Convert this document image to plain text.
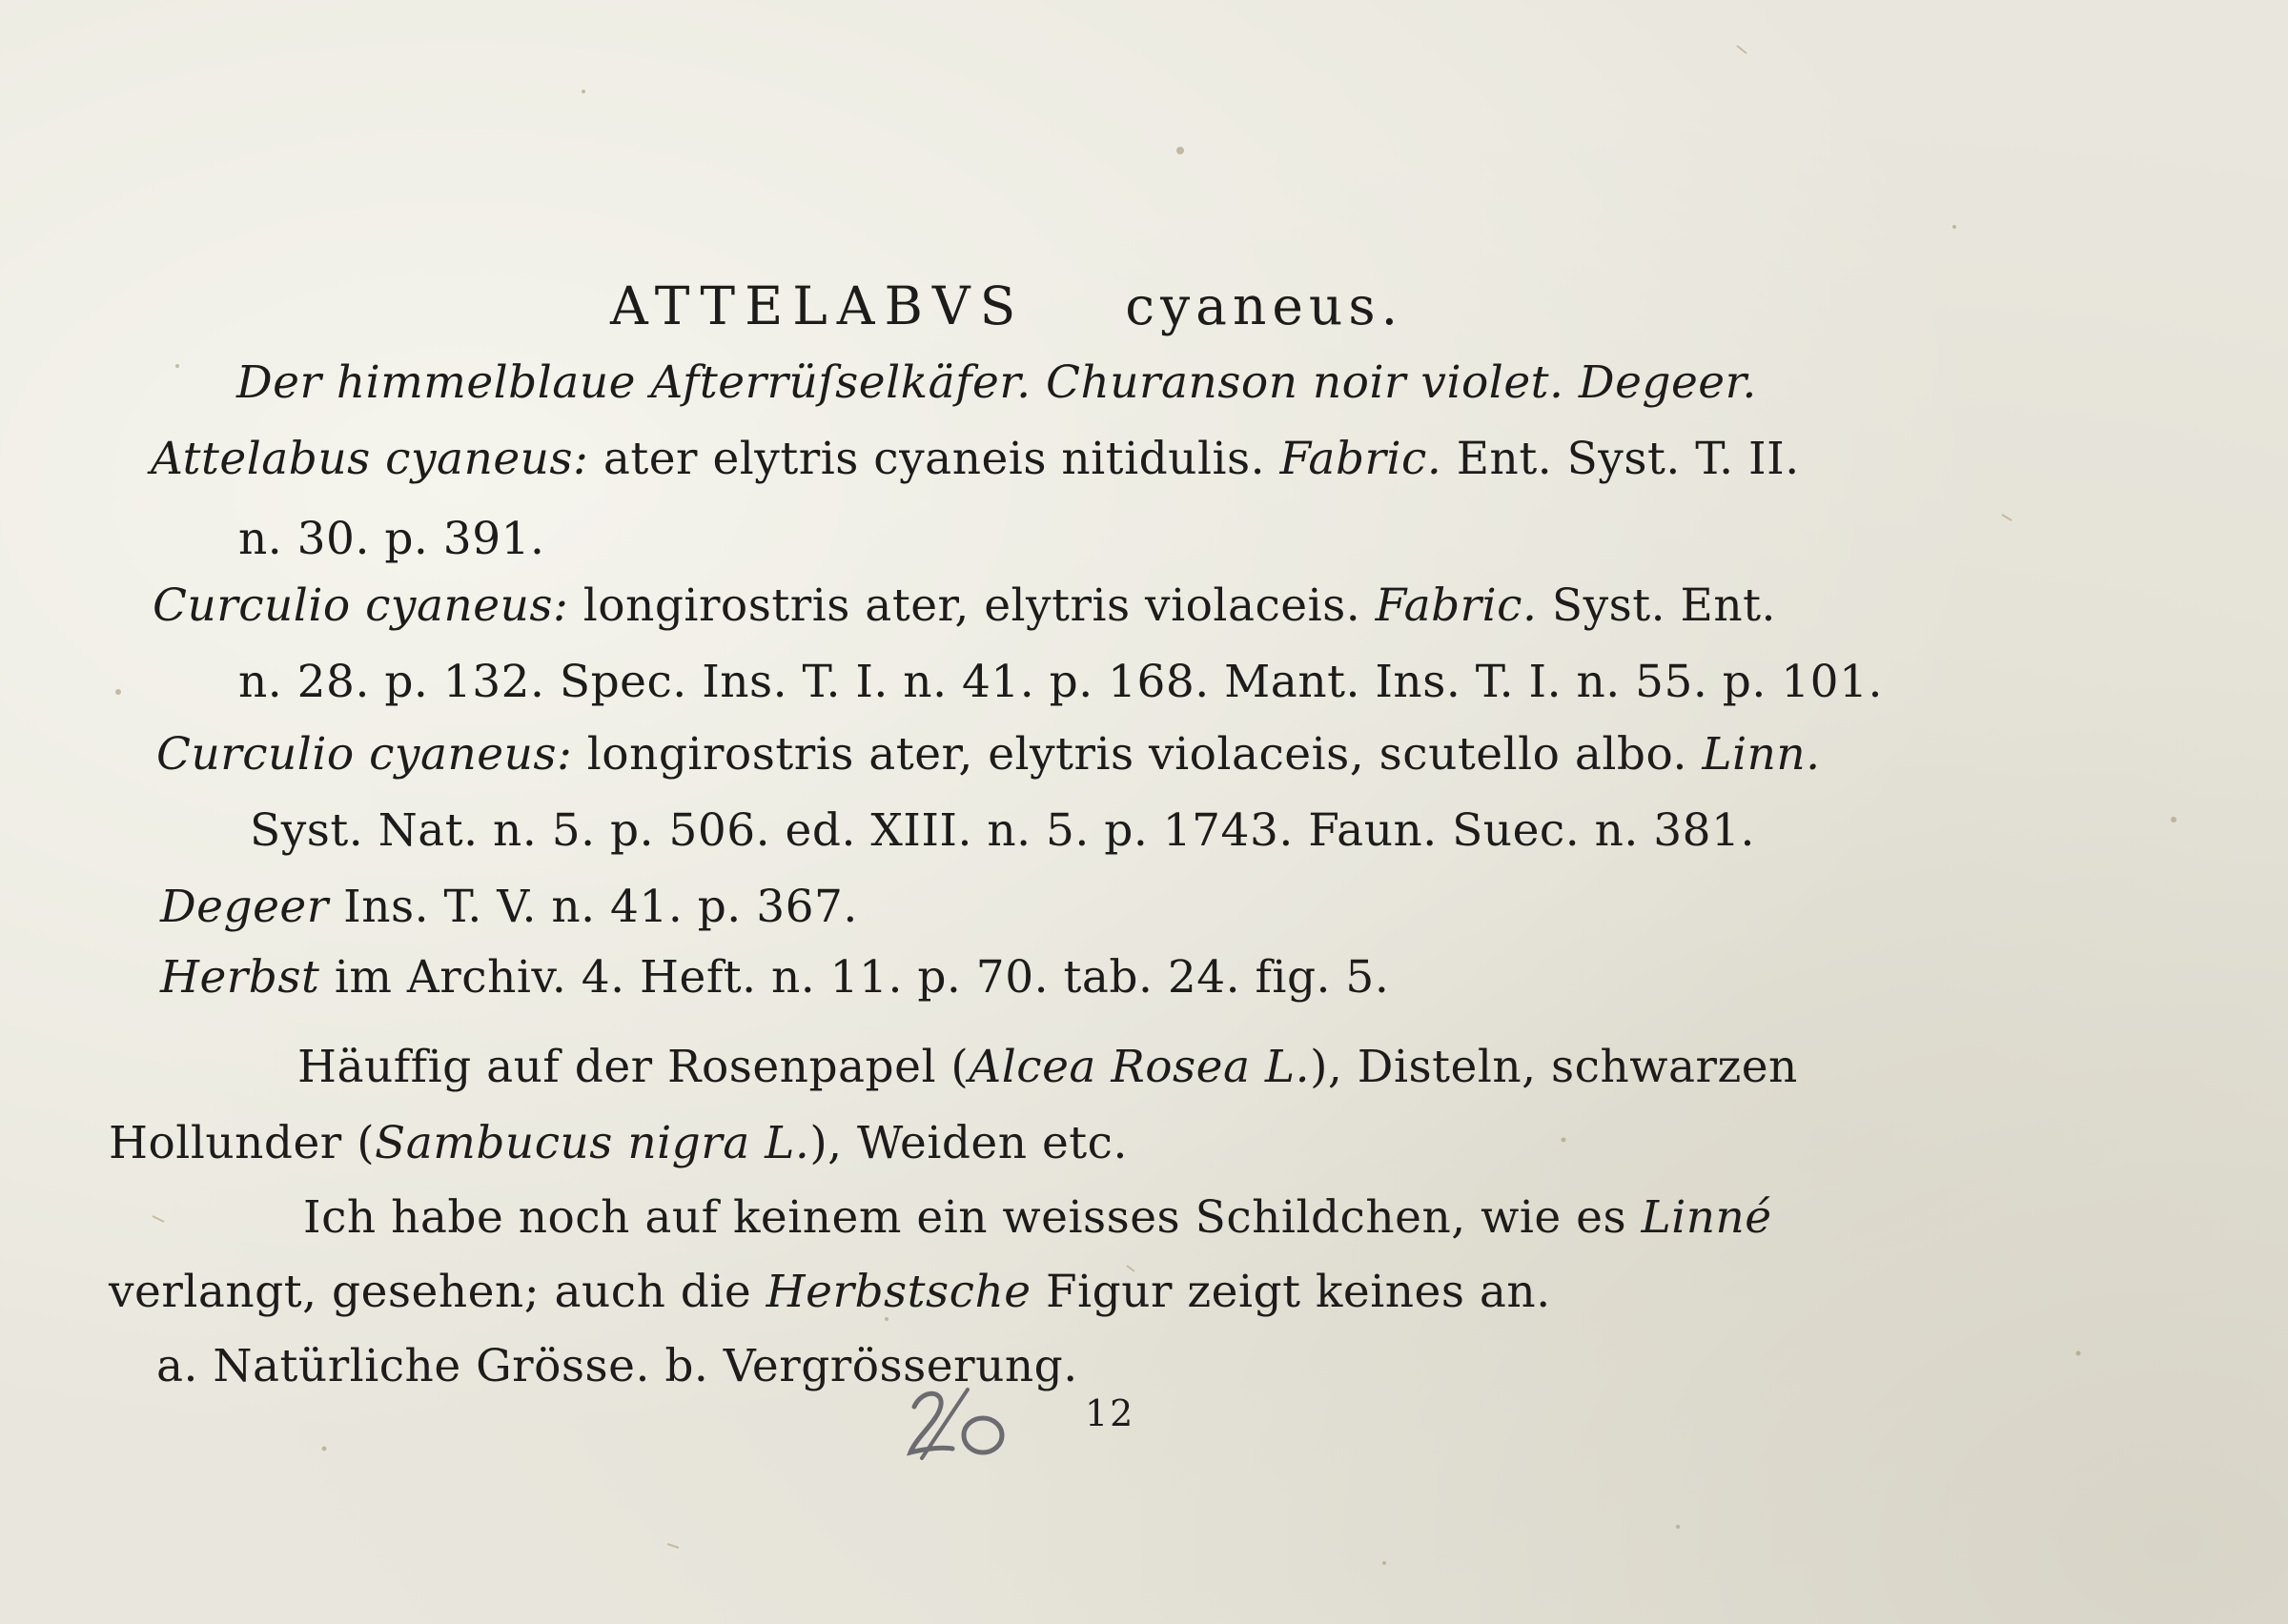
ATTELABVS cyaneus.
Der himmelblaue Afterrüſselkäfer. Churanson noir violet. Degeer.
Attelabus cyaneus: ater elytris cyaneis nitidulis. Fabric. Ent. Syst. T. II.
n. 30. p. 391.
Curculio cyaneus: longirostris ater, elytris violaceis. Fabric. Syst. Ent.
n. 28. p. 132. Spec. Ins. T. I. n. 41. p. 168. Mant. Ins. T. I. n. 55. p. 101.
Curculio cyaneus: longirostris ater, elytris violaceis, scutello albo. Linn.
Syst. Nat. n. 5. p. 506. ed. XIII. n. 5. p. 1743. Faun. Suec. n. 381.
Degeer Ins. T. V. n. 41. p. 367.
Herbst im Archiv. 4. Heft. n. 11. p. 70. tab. 24. fig. 5.
Häuffig auf der Rosenpapel (Alcea Rosea L.), Disteln, schwarzen
Hollunder (Sambucus nigra L.), Weiden etc.
Ich habe noch auf keinem ein weisses Schildchen, wie es Linné
verlangt, gesehen; auch die Herbstsche Figur zeigt keines an.
a. Natürliche Grösse. b. Vergrösserung.
12
